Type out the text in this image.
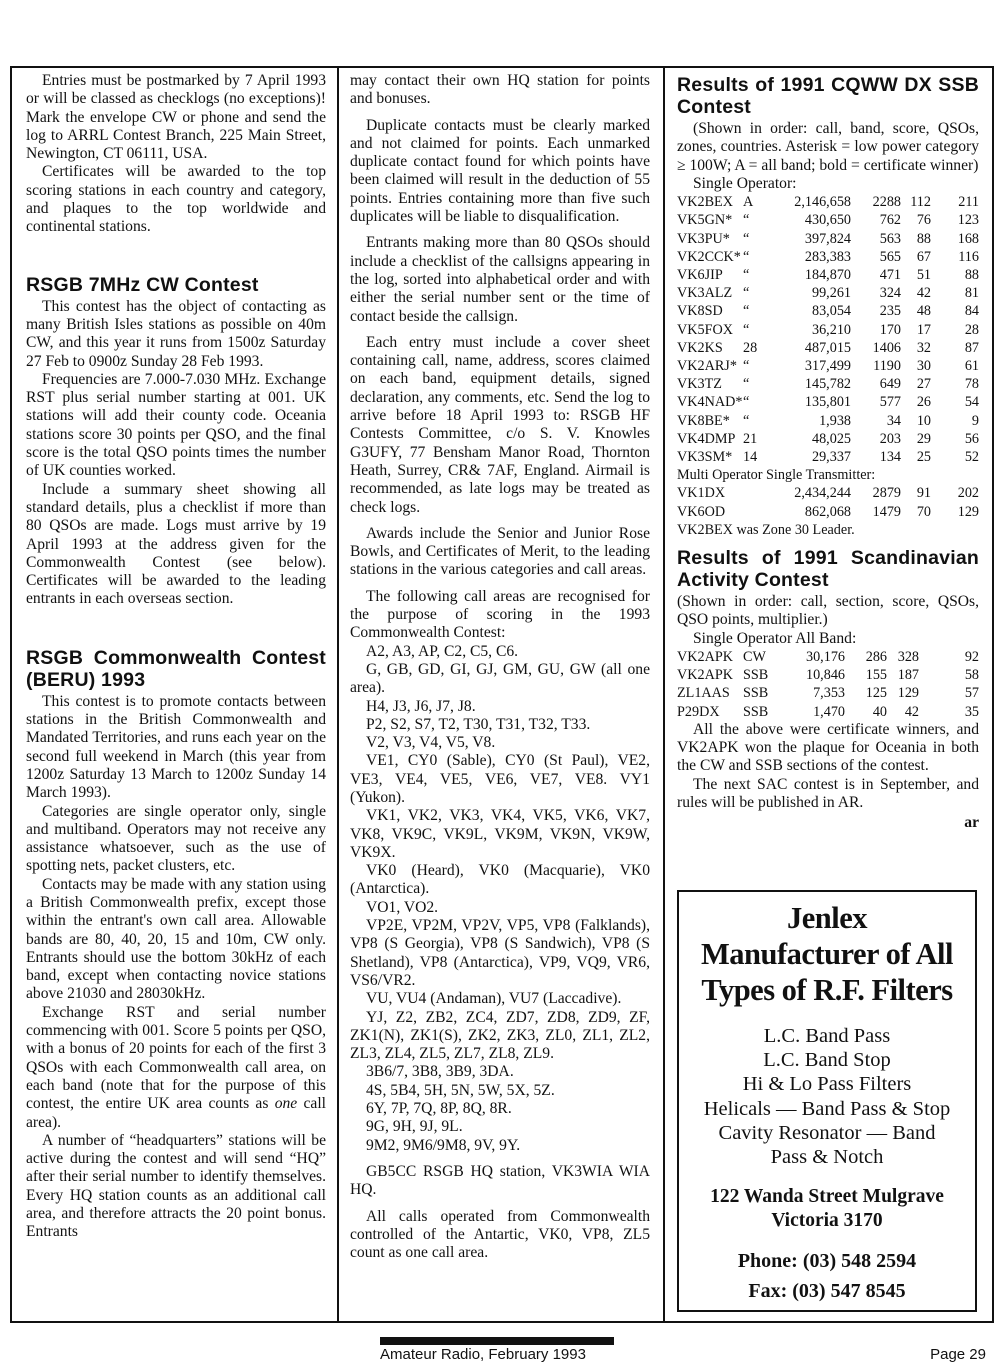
Entries must be postmarked by 7 April 1993 or will be classed as checklogs (no exceptions)! Mark the envelope CW or phone and send the log to ARRL Contest Branch, 225 Main Street, Newington, CT 06111, USA.

Certificates will be awarded to the top scoring stations in each country and category, and plaques to the top worldwide and continental stations.

RSGB 7MHz CW Contest

This contest has the object of contacting as many British Isles stations as possible on 40m CW, and this year it runs from 1500z Saturday 27 Feb to 0900z Sunday 28 Feb 1993.

Frequencies are 7.000-7.030 MHz. Exchange RST plus serial number starting at 001. UK stations will add their county code. Oceania stations score 30 points per QSO, and the final score is the total QSO points times the number of UK counties worked.

Include a summary sheet showing all standard details, plus a checklist if more than 80 QSOs are made. Logs must arrive by 19 April 1993 at the address given for the Commonwealth Contest (see below). Certificates will be awarded to the leading entrants in each overseas section.

RSGB Commonwealth Contest (BERU) 1993

This contest is to promote contacts between stations in the British Commonwealth and Mandated Territories, and runs each year on the second full weekend in March (this year from 1200z Saturday 13 March to 1200z Sunday 14 March 1993).

Categories are single operator only, single and multiband. Operators may not receive any assistance whatsoever, such as the use of spotting nets, packet clusters, etc.

Contacts may be made with any station using a British Commonwealth prefix, except those within the entrant's own call area. Allowable bands are 80, 40, 20, 15 and 10m, CW only. Entrants should use the bottom 30kHz of each band, except when contacting novice stations above 21030 and 28030kHz.

Exchange RST and serial number commencing with 001. Score 5 points per QSO, with a bonus of 20 points for each of the first 3 QSOs with each Commonwealth call area, on each band (note that for the purpose of this contest, the entire UK area counts as one call area).

A number of “headquarters” stations will be active during the contest and will send “HQ” after their serial number to identify themselves. Every HQ station counts as an additional call area, and therefore attracts the 20 point bonus. Entrants

may contact their own HQ station for points and bonuses.

Duplicate contacts must be clearly marked and not claimed for points. Each unmarked duplicate contact found for which points have been claimed will result in the deduction of 55 points. Entries containing more than five such duplicates will be liable to disqualification.

Entrants making more than 80 QSOs should include a checklist of the callsigns appearing in the log, sorted into alphabetical order and with either the serial number sent or the time of contact beside the callsign.

Each entry must include a cover sheet containing call, name, address, scores claimed on each band, equipment details, signed declaration, any comments, etc. Send the log to arrive before 18 April 1993 to: RSGB HF Contests Committee, c/o S. V. Knowles G3UFY, 77 Bensham Manor Road, Thornton Heath, Surrey, CR& 7AF, England. Airmail is recommended, as late logs may be treated as check logs.

Awards include the Senior and Junior Rose Bowls, and Certificates of Merit, to the leading stations in the various categories and call areas.

The following call areas are recognised for the purpose of scoring in the 1993 Commonwealth Contest:

A2, A3, AP, C2, C5, C6.

G, GB, GD, GI, GJ, GM, GU, GW (all one area).

H4, J3, J6, J7, J8.

P2, S2, S7, T2, T30, T31, T32, T33.

V2, V3, V4, V5, V8.

VE1, CY0 (Sable), CY0 (St Paul), VE2, VE3, VE4, VE5, VE6, VE7, VE8. VY1 (Yukon).

VK1, VK2, VK3, VK4, VK5, VK6, VK7, VK8, VK9C, VK9L, VK9M, VK9N, VK9W, VK9X.

VK0 (Heard), VK0 (Macquarie), VK0 (Antarctica).

VO1, VO2.

VP2E, VP2M, VP2V, VP5, VP8 (Falklands), VP8 (S Georgia), VP8 (S Sandwich), VP8 (S Shetland), VP8 (Antarctica), VP9, VQ9, VR6, VS6/VR2.

VU, VU4 (Andaman), VU7 (Laccadive).

YJ, Z2, ZB2, ZC4, ZD7, ZD8, ZD9, ZF, ZK1(N), ZK1(S), ZK2, ZK3, ZL0, ZL1, ZL2, ZL3, ZL4, ZL5, ZL7, ZL8, ZL9.

3B6/7, 3B8, 3B9, 3DA.

4S, 5B4, 5H, 5N, 5W, 5X, 5Z.

6Y, 7P, 7Q, 8P, 8Q, 8R.

9G, 9H, 9J, 9L.

9M2, 9M6/9M8, 9V, 9Y.

GB5CC RSGB HQ station, VK3WIA WIA HQ.

All calls operated from Commonwealth controlled of the Antartic, VK0, VP8, ZL5 count as one call area.

Results of 1991 CQWW DX SSB Contest

(Shown in order: call, band, score, QSOs, zones, countries. Asterisk = low power category ≥ 100W; A = all band; bold = certificate winner)

Single Operator:

VK2BEX	A	2,146,658	2288	112	211
VK5GN*	“	430,650	762	76	123
VK3PU*	“	397,824	563	88	168
VK2CCK*	“	283,383	565	67	116
VK6JIP	“	184,870	471	51	88
VK3ALZ	“	99,261	324	42	81
VK8SD	“	83,054	235	48	84
VK5FOX	“	36,210	170	17	28
VK2KS	28	487,015	1406	32	87
VK2ARJ*	“	317,499	1190	30	61
VK3TZ	“	145,782	649	27	78
VK4NAD*	“	135,801	577	26	54
VK8BE*	“	1,938	34	10	9
VK4DMP	21	48,025	203	29	56
VK3SM*	14	29,337	134	25	52
Multi Operator Single Transmitter:
VK1DX	2,434,244	2879	91	202
VK6OD	862,068	1479	70	129
VK2BEX was Zone 30 Leader.
Results of 1991 Scandinavian Activity Contest

(Shown in order: call, section, score, QSOs, QSO points, multiplier.)

Single Operator All Band:

VK2APK	CW	30,176	286	328	92
VK2APK	SSB	10,846	155	187	58
ZL1AAS	SSB	7,353	125	129	57
P29DX	SSB	1,470	40	42	35

All the above were certificate winners, and VK2APK won the plaque for Oceania in both the CW and SSB sections of the contest.

The next SAC contest is in September, and rules will be published in AR.

ar
Jenlex
Manufacturer of All Types of R.F. Filters
L.C. Band Pass
L.C. Band Stop
Hi & Lo Pass Filters
Helicals — Band Pass & Stop
Cavity Resonator — Band Pass & Notch
122 Wanda Street Mulgrave
Victoria 3170
Phone: (03) 548 2594
Fax: (03) 547 8545
Amateur Radio, February 1993	Page 29
